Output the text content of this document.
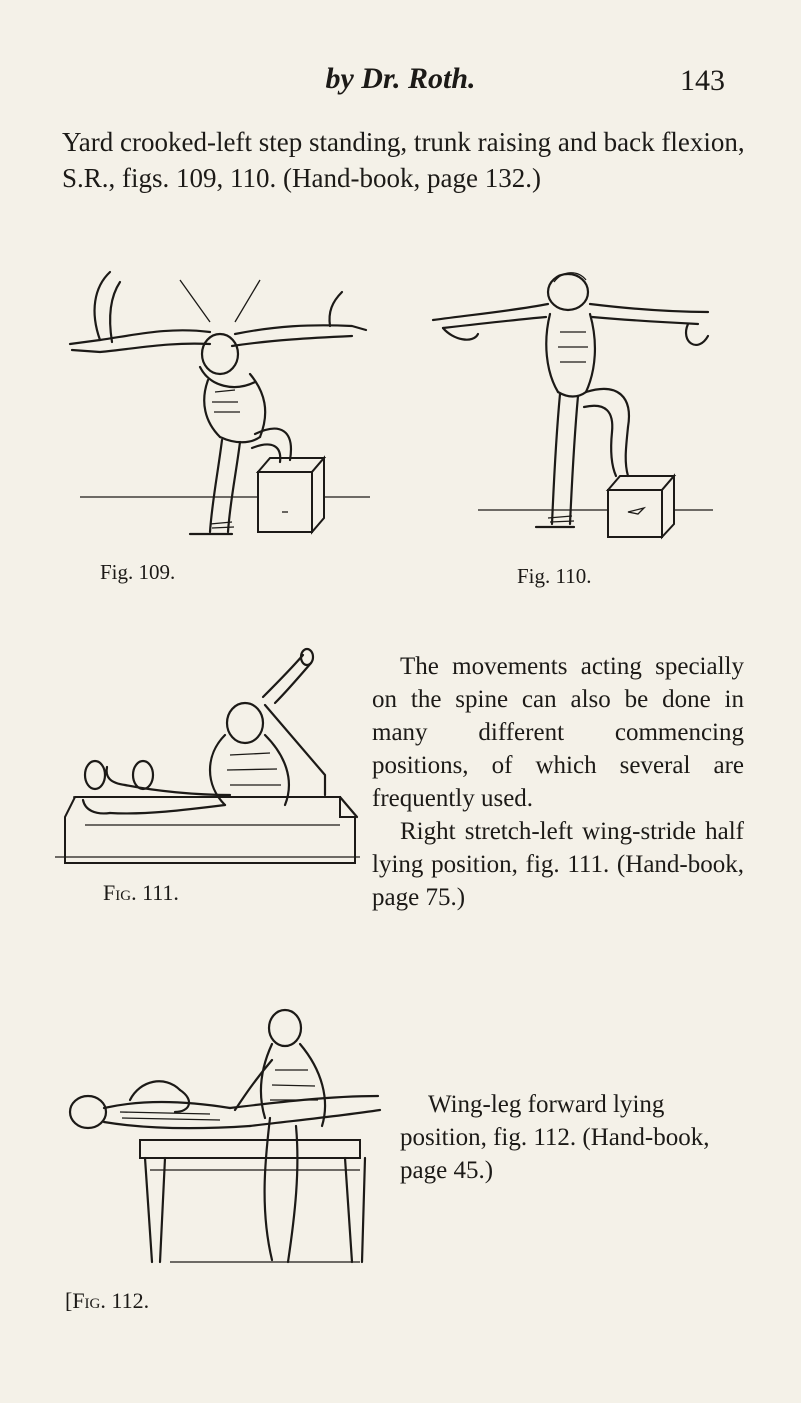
by Dr. Roth.	143
Yard crooked-left step standing, trunk raising and back flexion, S.R., figs. 109, 110. (Hand-book, page 132.)
Fig. 109.	Fig. 110.
Fig. 111.
The movements acting specially on the spine can also be done in many different commencing positions, of which several are frequently used.
Right stretch-left wing-stride half lying position, fig. 111. (Hand-book, page 75.)
[Fig. 112.
Wing-leg forward lying position, fig. 112. (Hand-book, page 45.)
